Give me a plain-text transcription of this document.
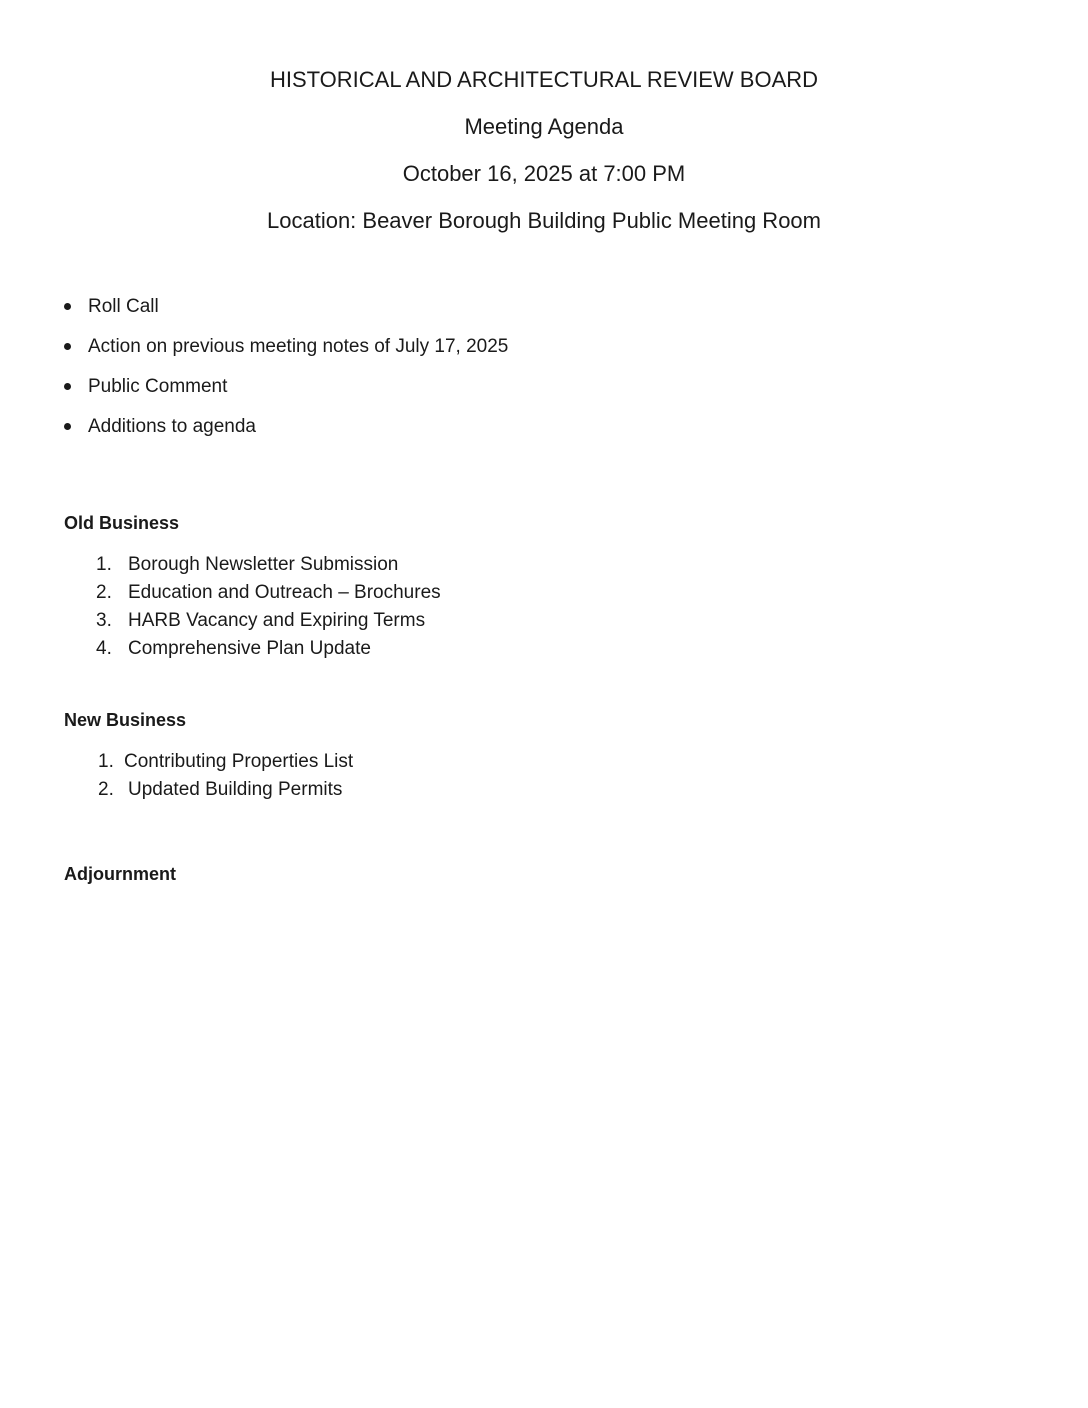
HISTORICAL AND ARCHITECTURAL REVIEW BOARD
Meeting Agenda
October 16, 2025 at 7:00 PM
Location: Beaver Borough Building Public Meeting Room
Roll Call
Action on previous meeting notes of July 17, 2025
Public Comment
Additions to agenda
Old Business
1. Borough Newsletter Submission
2. Education and Outreach – Brochures
3. HARB Vacancy and Expiring Terms
4. Comprehensive Plan Update
New Business
1. Contributing Properties List
2. Updated Building Permits
Adjournment
